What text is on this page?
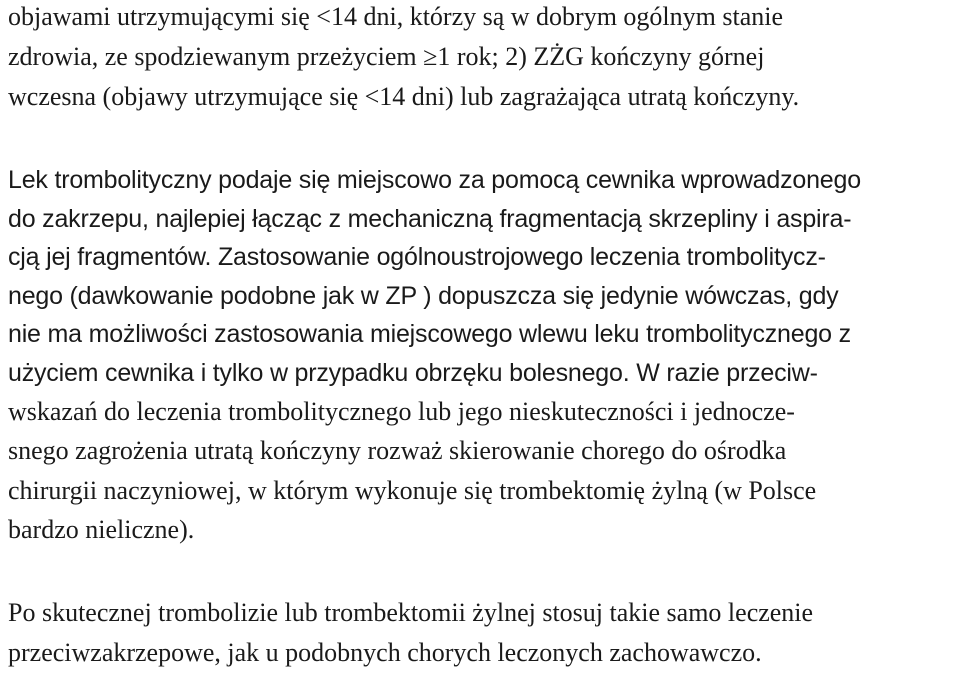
objawami utrzymującymi się <14 dni, którzy są w dobrym ogólnym stanie
zdrowia, ze spodziewanym przeżyciem ≥1 rok; 2) ZŻG kończyny górnej
wczesna (objawy utrzymujące się <14 dni) lub zagrażająca utratą kończyny.
Lek trombolityczny podaje się miejscowo za pomocą cewnika wprowadzonego
do zakrzepu, najlepiej łącząc z mechaniczną fragmentacją skrzepliny i aspira-
cją jej fragmentów. Zastosowanie ogólnoustrojowego leczenia trombolitycz-
nego (dawkowanie podobne jak w ZP ) dopuszcza się jedynie wówczas, gdy
nie ma możliwości zastosowania miejscowego wlewu leku trombolitycznego z
użyciem cewnika i tylko w przypadku obrzęku bolesnego. W razie przeciw-
wskazań do leczenia trombolitycznego lub jego nieskuteczności i jednocze-
snego zagrożenia utratą kończyny rozważ skierowanie chorego do ośrodka
chirurgii naczyniowej, w którym wykonuje się trombektomię żylną (w Polsce
bardzo nieliczne).
Po skutecznej trombolizie lub trombektomii żylnej stosuj takie samo leczenie
przeciwzakrzepowe, jak u podobnych chorych leczonych zachowawczo.
